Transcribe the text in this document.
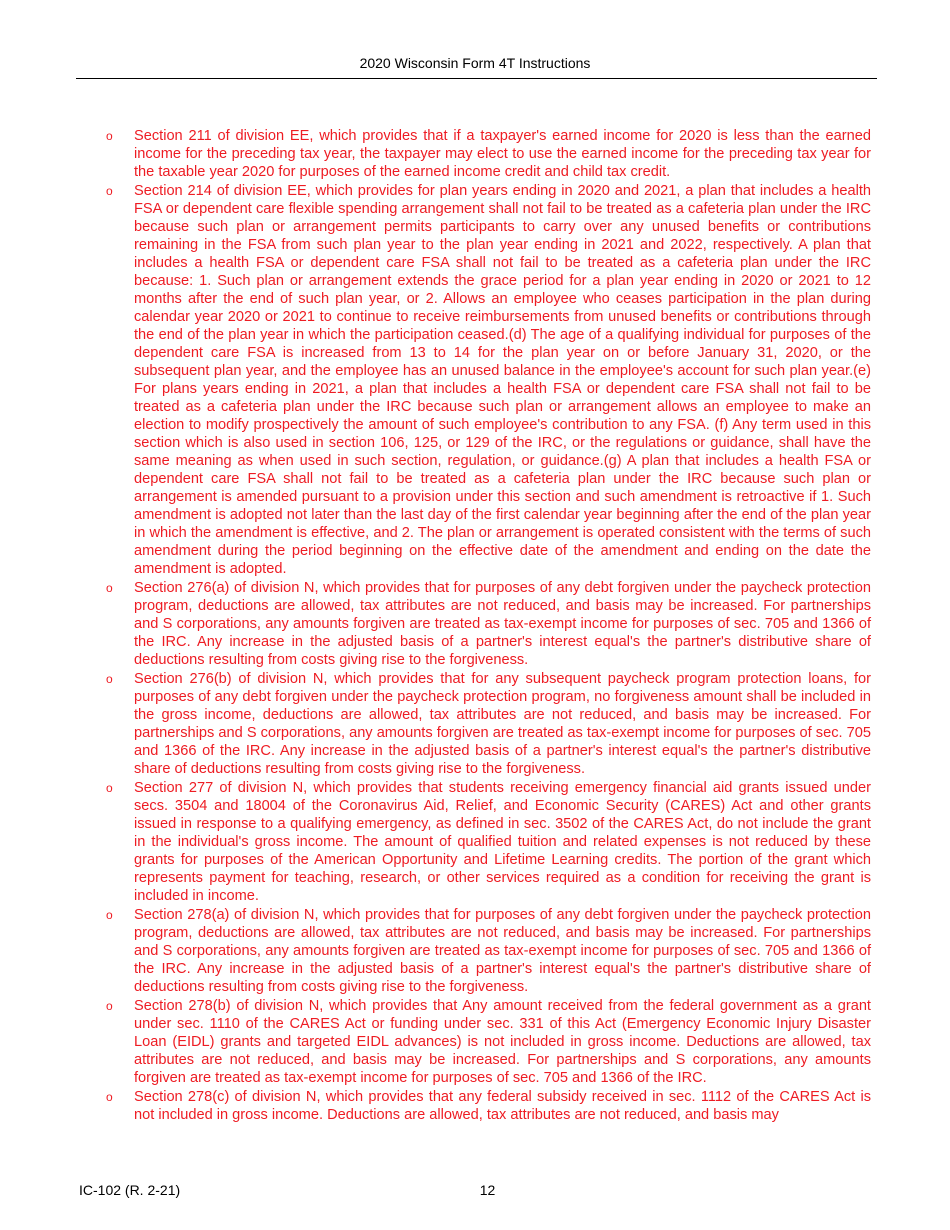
2020 Wisconsin Form 4T Instructions
o Section 211 of division EE, which provides that if a taxpayer's earned income for 2020 is less than the earned income for the preceding tax year, the taxpayer may elect to use the earned income for the preceding tax year for the taxable year 2020 for purposes of the earned income credit and child tax credit.
o Section 214 of division EE, which provides for plan years ending in 2020 and 2021, a plan that includes a health FSA or dependent care flexible spending arrangement shall not fail to be treated as a cafeteria plan under the IRC because such plan or arrangement permits participants to carry over any unused benefits or contributions remaining in the FSA from such plan year to the plan year ending in 2021 and 2022, respectively. A plan that includes a health FSA or dependent care FSA shall not fail to be treated as a cafeteria plan under the IRC because: 1. Such plan or arrangement extends the grace period for a plan year ending in 2020 or 2021 to 12 months after the end of such plan year, or 2. Allows an employee who ceases participation in the plan during calendar year 2020 or 2021 to continue to receive reimbursements from unused benefits or contributions through the end of the plan year in which the participation ceased.(d) The age of a qualifying individual for purposes of the dependent care FSA is increased from 13 to 14 for the plan year on or before January 31, 2020, or the subsequent plan year, and the employee has an unused balance in the employee's account for such plan year.(e) For plans years ending in 2021, a plan that includes a health FSA or dependent care FSA shall not fail to be treated as a cafeteria plan under the IRC because such plan or arrangement allows an employee to make an election to modify prospectively the amount of such employee's contribution to any FSA. (f) Any term used in this section which is also used in section 106, 125, or 129 of the IRC, or the regulations or guidance, shall have the same meaning as when used in such section, regulation, or guidance.(g) A plan that includes a health FSA or dependent care FSA shall not fail to be treated as a cafeteria plan under the IRC because such plan or arrangement is amended pursuant to a provision under this section and such amendment is retroactive if 1. Such amendment is adopted not later than the last day of the first calendar year beginning after the end of the plan year in which the amendment is effective, and 2. The plan or arrangement is operated consistent with the terms of such amendment during the period beginning on the effective date of the amendment and ending on the date the amendment is adopted.
o Section 276(a) of division N, which provides that for purposes of any debt forgiven under the paycheck protection program, deductions are allowed, tax attributes are not reduced, and basis may be increased. For partnerships and S corporations, any amounts forgiven are treated as tax-exempt income for purposes of sec. 705 and 1366 of the IRC. Any increase in the adjusted basis of a partner's interest equal's the partner's distributive share of deductions resulting from costs giving rise to the forgiveness.
o Section 276(b) of division N, which provides that for any subsequent paycheck program protection loans, for purposes of any debt forgiven under the paycheck protection program, no forgiveness amount shall be included in the gross income, deductions are allowed, tax attributes are not reduced, and basis may be increased. For partnerships and S corporations, any amounts forgiven are treated as tax-exempt income for purposes of sec. 705 and 1366 of the IRC. Any increase in the adjusted basis of a partner's interest equal's the partner's distributive share of deductions resulting from costs giving rise to the forgiveness.
o Section 277 of division N, which provides that students receiving emergency financial aid grants issued under secs. 3504 and 18004 of the Coronavirus Aid, Relief, and Economic Security (CARES) Act and other grants issued in response to a qualifying emergency, as defined in sec. 3502 of the CARES Act, do not include the grant in the individual's gross income. The amount of qualified tuition and related expenses is not reduced by these grants for purposes of the American Opportunity and Lifetime Learning credits. The portion of the grant which represents payment for teaching, research, or other services required as a condition for receiving the grant is included in income.
o Section 278(a) of division N, which provides that for purposes of any debt forgiven under the paycheck protection program, deductions are allowed, tax attributes are not reduced, and basis may be increased. For partnerships and S corporations, any amounts forgiven are treated as tax-exempt income for purposes of sec. 705 and 1366 of the IRC. Any increase in the adjusted basis of a partner's interest equal's the partner's distributive share of deductions resulting from costs giving rise to the forgiveness.
o Section 278(b) of division N, which provides that Any amount received from the federal government as a grant under sec. 1110 of the CARES Act or funding under sec. 331 of this Act (Emergency Economic Injury Disaster Loan (EIDL) grants and targeted EIDL advances) is not included in gross income. Deductions are allowed, tax attributes are not reduced, and basis may be increased. For partnerships and S corporations, any amounts forgiven are treated as tax-exempt income for purposes of sec. 705 and 1366 of the IRC.
o Section 278(c) of division N, which provides that any federal subsidy received in sec. 1112 of the CARES Act is not included in gross income. Deductions are allowed, tax attributes are not reduced, and basis may
IC-102 (R. 2-21)	12
